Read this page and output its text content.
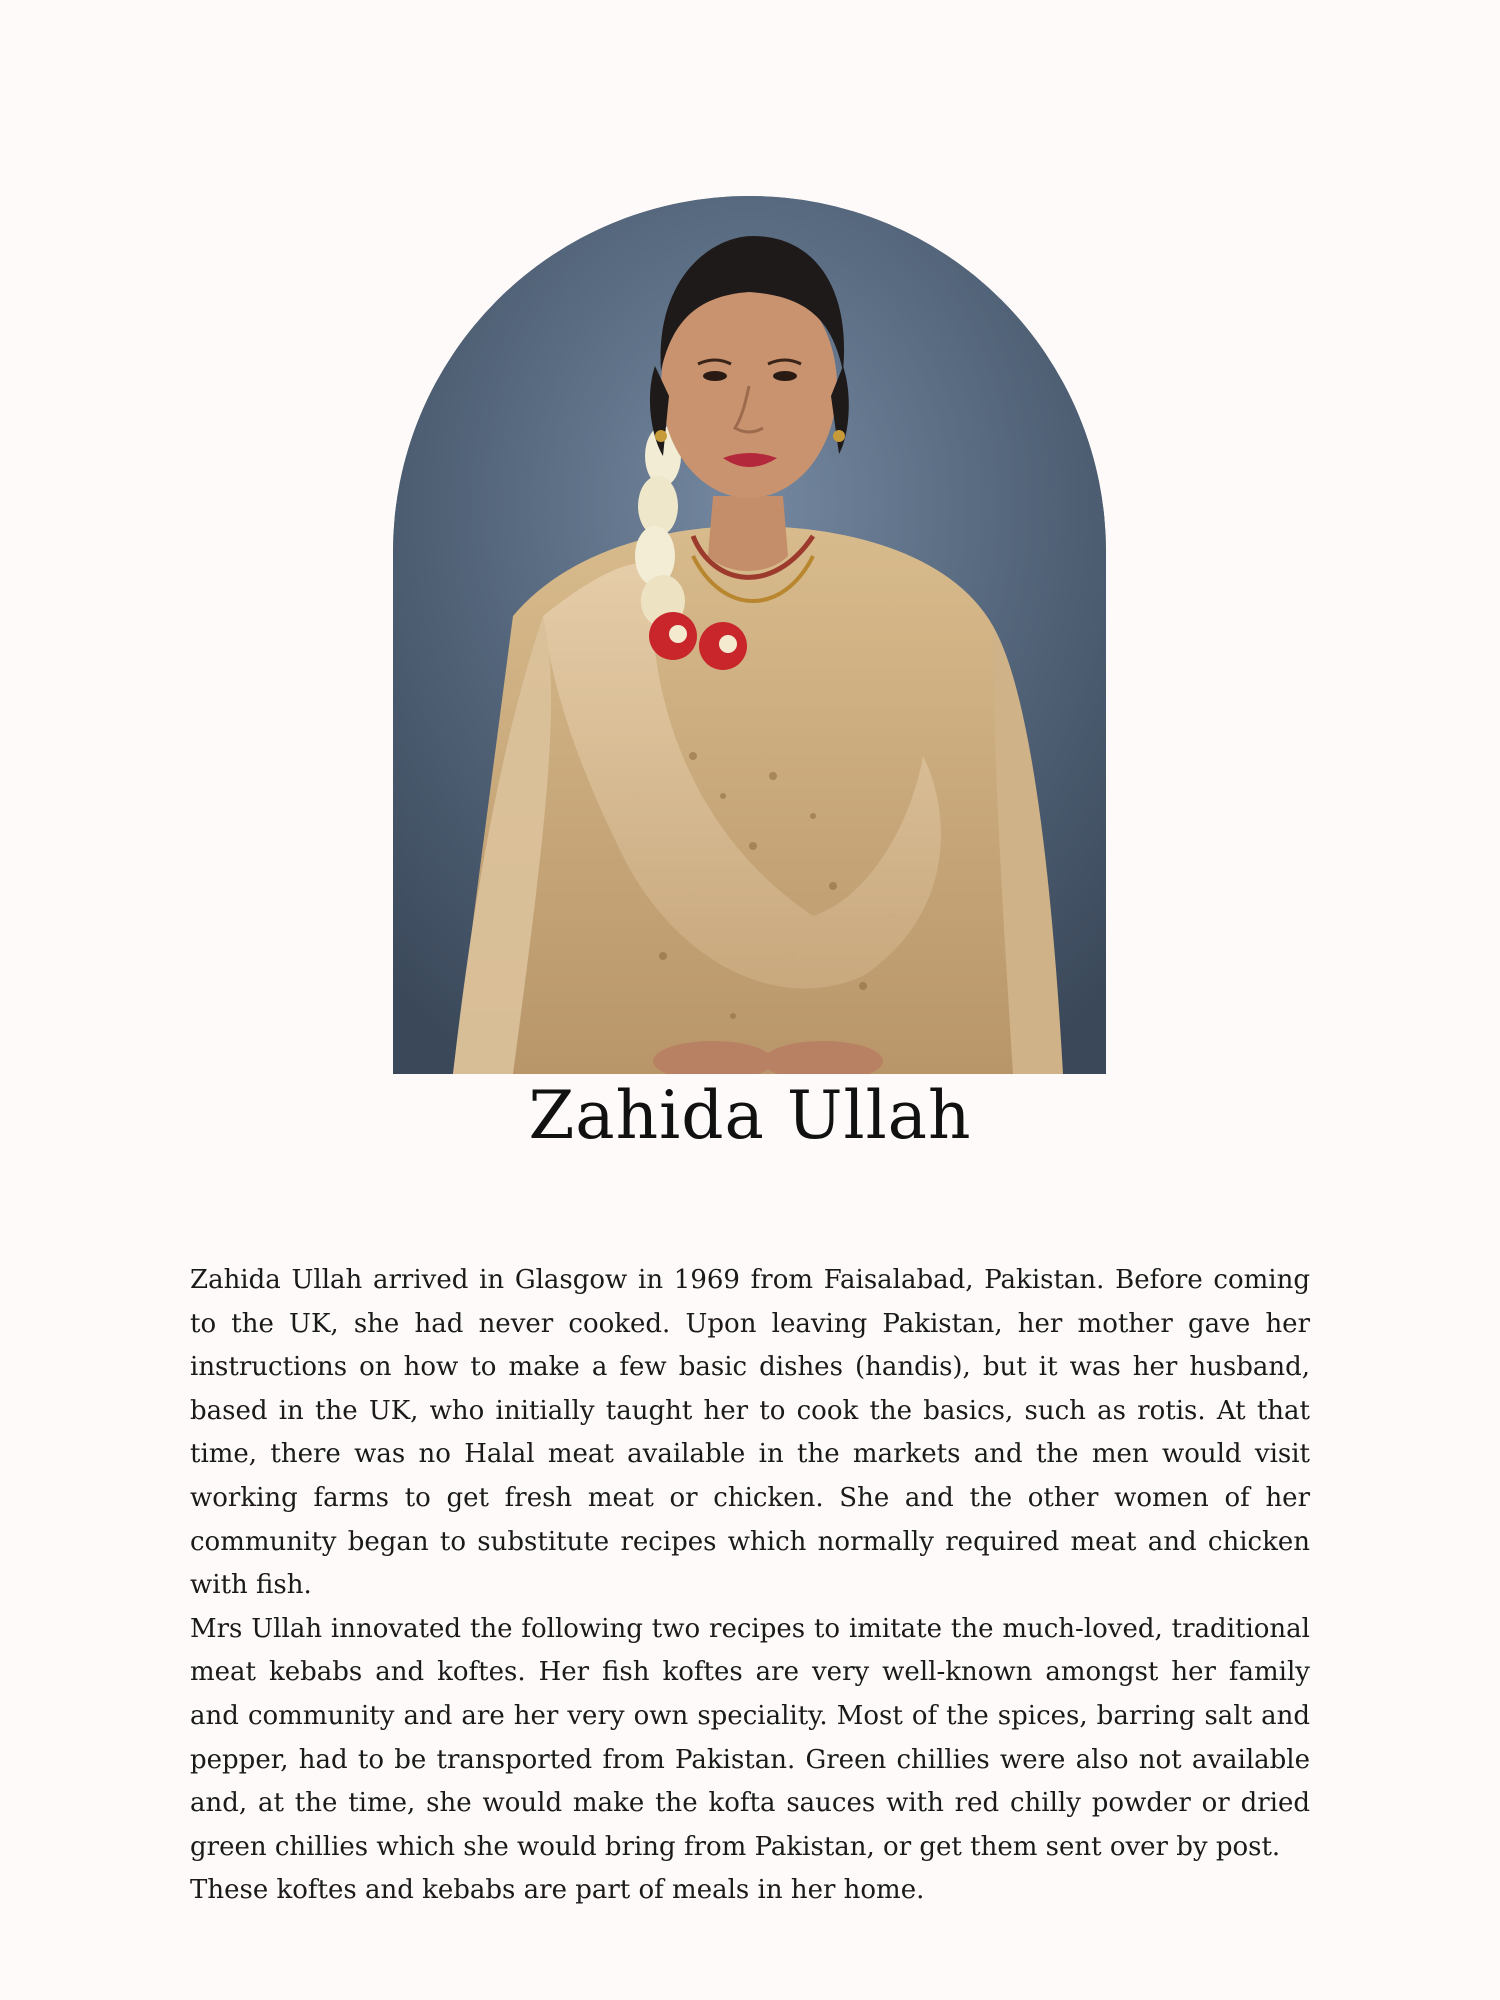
Zahida Ullah

Zahida Ullah arrived in Glasgow in 1969 from Faisalabad, Pakistan. Before coming to the UK, she had never cooked. Upon leaving Pakistan, her mother gave her instructions on how to make a few basic dishes (handis), but it was her husband, based in the UK, who initially taught her to cook the basics, such as rotis. At that time, there was no Halal meat available in the markets and the men would visit working farms to get fresh meat or chicken. She and the other women of her community began to substitute recipes which normally required meat and chicken with fish.

Mrs Ullah innovated the following two recipes to imitate the much-loved, traditional meat kebabs and koftes. Her fish koftes are very well-known amongst her family and community and are her very own speciality. Most of the spices, barring salt and pepper, had to be transported from Pakistan. Green chillies were also not available and, at the time, she would make the kofta sauces with red chilly powder or dried green chillies which she would bring from Pakistan, or get them sent over by post.

These koftes and kebabs are part of meals in her home.
